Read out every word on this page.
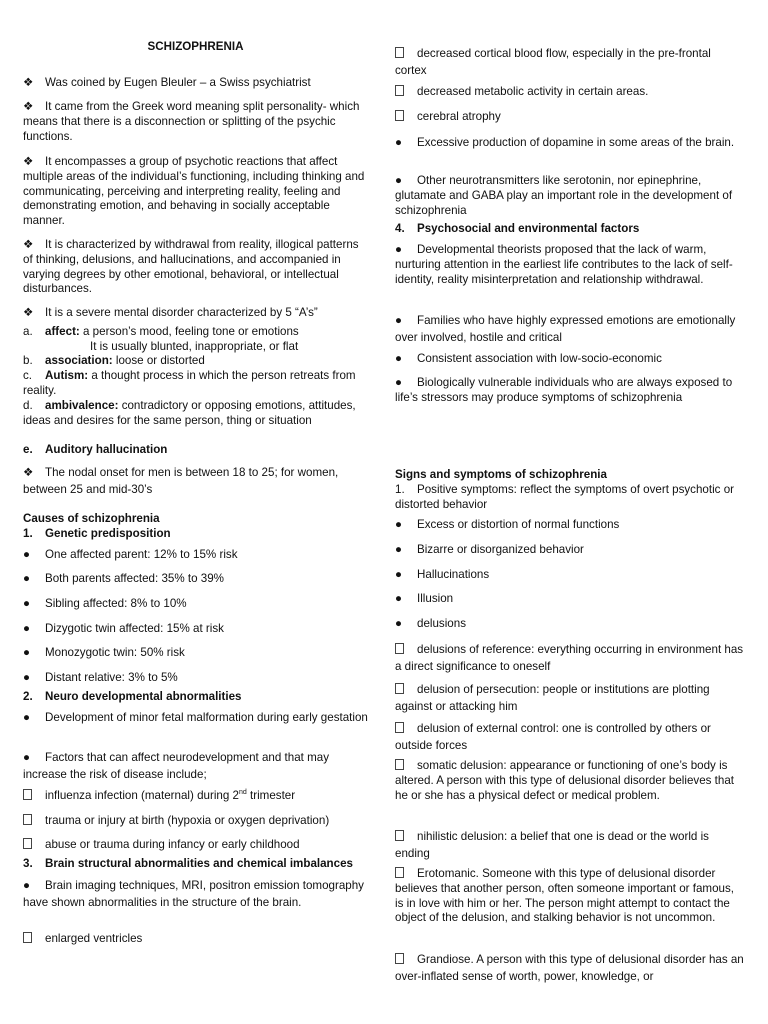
SCHIZOPHRENIA

❖ Was coined by Eugen Bleuler – a Swiss psychiatrist

❖ It came from the Greek word meaning split personality- which means that there is a disconnection or splitting of the psychic functions.

❖ It encompasses a group of psychotic reactions that affect multiple areas of the individual’s functioning, including thinking and communicating, perceiving and interpreting reality, feeling and demonstrating emotion, and behaving in socially acceptable manner.

❖ It is characterized by withdrawal from reality, illogical patterns of thinking, delusions, and hallucinations, and accompanied in varying degrees by other emotional, behavioral, or intellectual disturbances.

❖ It is a severe mental disorder characterized by 5 “A’s”

a. affect: a person’s mood, feeling tone or emotions

It is usually blunted, inappropriate, or flat

b. association: loose or distorted

c. Autism: a thought process in which the person retreats from reality.

d. ambivalence: contradictory or opposing emotions, attitudes, ideas and desires for the same person, thing or situation

e. Auditory hallucination

❖ The nodal onset for men is between 18 to 25; for women, between 25 and mid-30’s

Causes of schizophrenia

1. Genetic predisposition

● One affected parent: 12% to 15% risk

● Both parents affected: 35% to 39%

● Sibling affected: 8% to 10%

● Dizygotic twin affected: 15% at risk

● Monozygotic twin: 50% risk

● Distant relative: 3% to 5%

2. Neuro developmental abnormalities

● Development of minor fetal malformation during early gestation

● Factors that can affect neurodevelopment and that may increase the risk of disease include;

influenza infection (maternal) during 2nd trimester

trauma or injury at birth (hypoxia or oxygen deprivation)

abuse or trauma during infancy or early childhood

3. Brain structural abnormalities and chemical imbalances

● Brain imaging techniques, MRI, positron emission tomography have shown abnormalities in the structure of the brain.

enlarged ventricles

decreased cortical blood flow, especially in the pre-frontal cortex

decreased metabolic activity in certain areas.

cerebral atrophy

● Excessive production of dopamine in some areas of the brain.

● Other neurotransmitters like serotonin, nor epinephrine, glutamate and GABA play an important role in the development of schizophrenia

4. Psychosocial and environmental factors

● Developmental theorists proposed that the lack of warm, nurturing attention in the earliest life contributes to the lack of self-identity, reality misinterpretation and relationship withdrawal.

● Families who have highly expressed emotions are emotionally over involved, hostile and critical

● Consistent association with low-socio-economic

● Biologically vulnerable individuals who are always exposed to life’s stressors may produce symptoms of schizophrenia

Signs and symptoms of schizophrenia

1. Positive symptoms: reflect the symptoms of overt psychotic or distorted behavior

● Excess or distortion of normal functions

● Bizarre or disorganized behavior

● Hallucinations

● Illusion

● delusions

delusions of reference: everything occurring in environment has a direct significance to oneself

delusion of persecution: people or institutions are plotting against or attacking him

delusion of external control: one is controlled by others or outside forces

somatic delusion: appearance or functioning of one’s body is altered. A person with this type of delusional disorder believes that he or she has a physical defect or medical problem.

nihilistic delusion: a belief that one is dead or the world is ending

Erotomanic. Someone with this type of delusional disorder believes that another person, often someone important or famous, is in love with him or her. The person might attempt to contact the object of the delusion, and stalking behavior is not uncommon.

Grandiose. A person with this type of delusional disorder has an over-inflated sense of worth, power, knowledge, or
